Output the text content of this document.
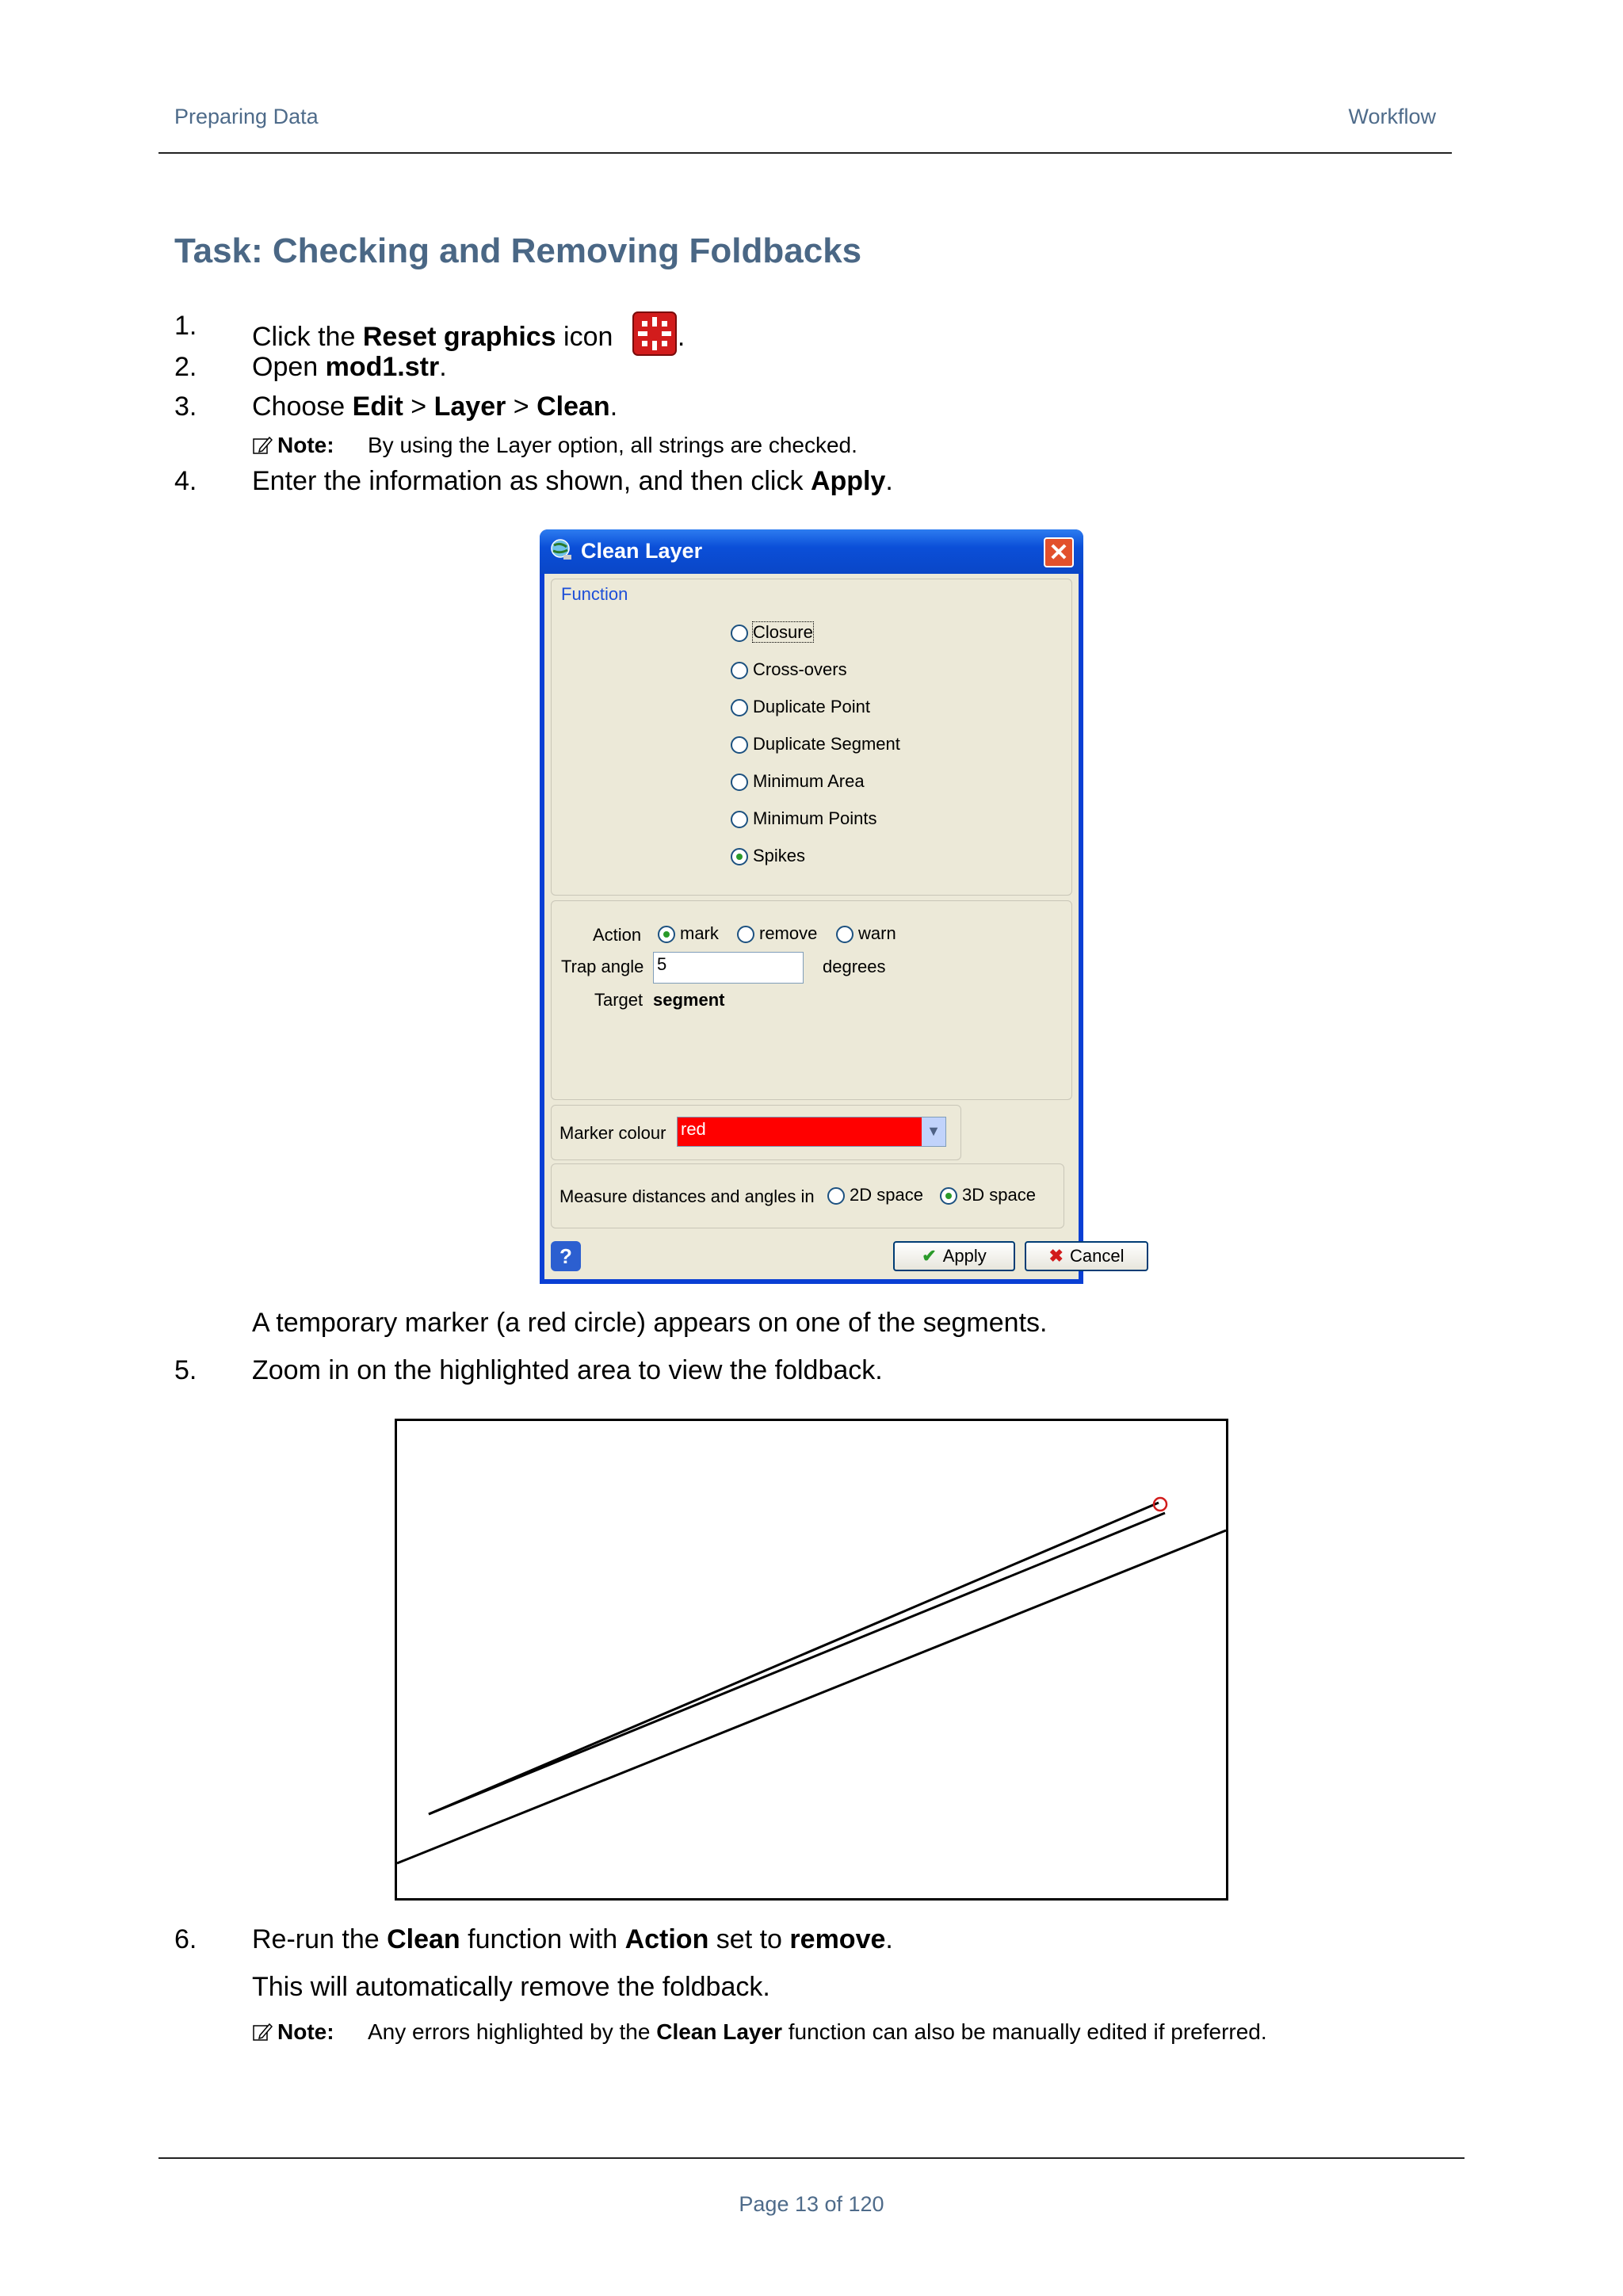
Preparing Data	Workflow
Task: Checking and Removing Foldbacks
1. Click the Reset graphics icon .
2. Open mod1.str.
3. Choose Edit > Layer > Clean.
Note: By using the Layer option, all strings are checked.
4. Enter the information as shown, and then click Apply.
Clean Layer	✕
Function
Closure
Cross-overs
Duplicate Point
Duplicate Segment
Minimum Area
Minimum Points
Spikes
Action	mark	remove	warn
Trap angle 5	degrees
Target segment
Marker colour red	▼
Measure distances and angles in	2D space	3D space
?	✔ Apply	✖ Cancel
A temporary marker (a red circle) appears on one of the segments.
5. Zoom in on the highlighted area to view the foldback.
6. Re-run the Clean function with Action set to remove.
This will automatically remove the foldback.
Note: Any errors highlighted by the Clean Layer function can also be manually edited if preferred.
Page 13 of 120
